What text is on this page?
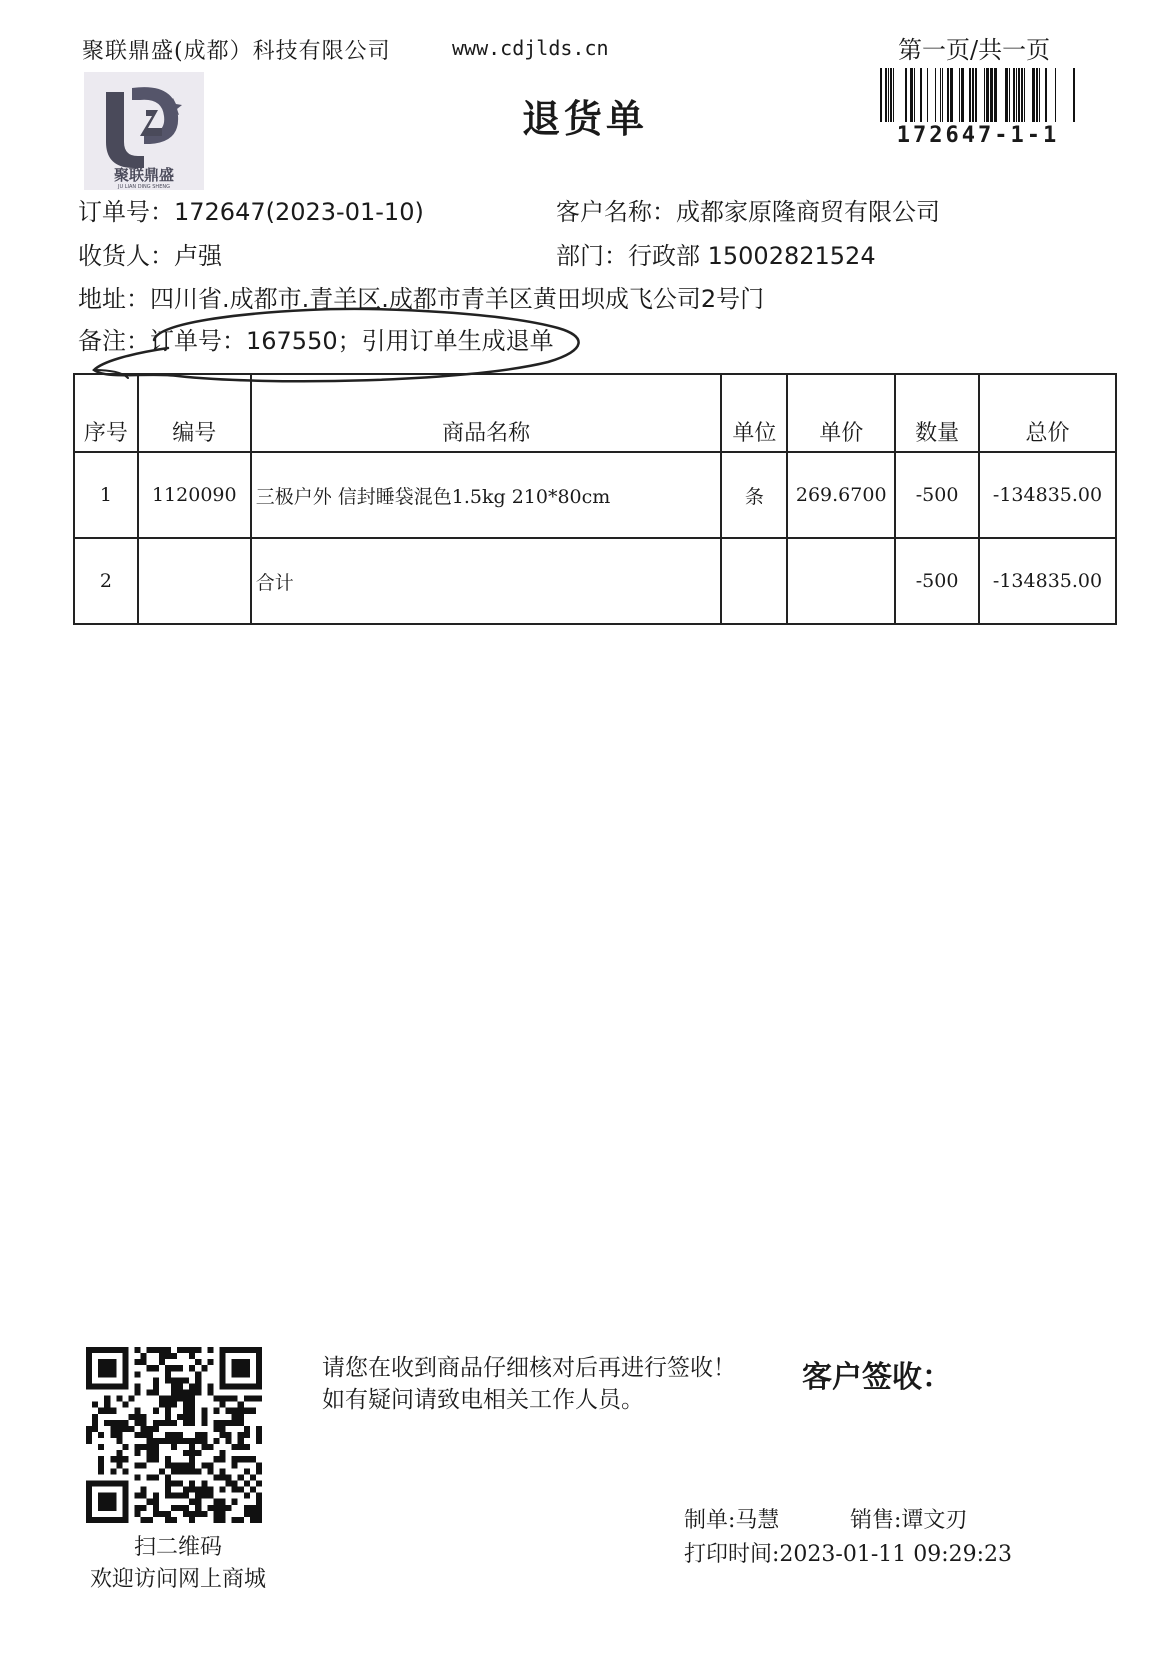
聚联鼎盛(成都）科技有限公司	www.cdjlds.cn	第一页/共一页
聚联鼎盛
JU LIAN DING SHENG
退货单	172647-1-1
订单号：172647(2023-01-10)	客户名称：成都家原隆商贸有限公司
收货人：卢强	部门：行政部 15002821524
地址：四川省.成都市.青羊区.成都市青羊区黄田坝成飞公司2号门
备注：订单号：167550；引用订单生成退单
序号	编号	商品名称	单位	单价	数量	总价
1	1120090	三极户外 信封睡袋混色1.5kg 210*80cm	条	269.6700	-500	-134835.00
2		合计			-500	-134835.00
扫二维码
欢迎访问网上商城
请您在收到商品仔细核对后再进行签收！如有疑问请致电相关工作人员。
客户签收：
制单:马慧	销售:谭文刃
打印时间:2023-01-11 09:29:23
